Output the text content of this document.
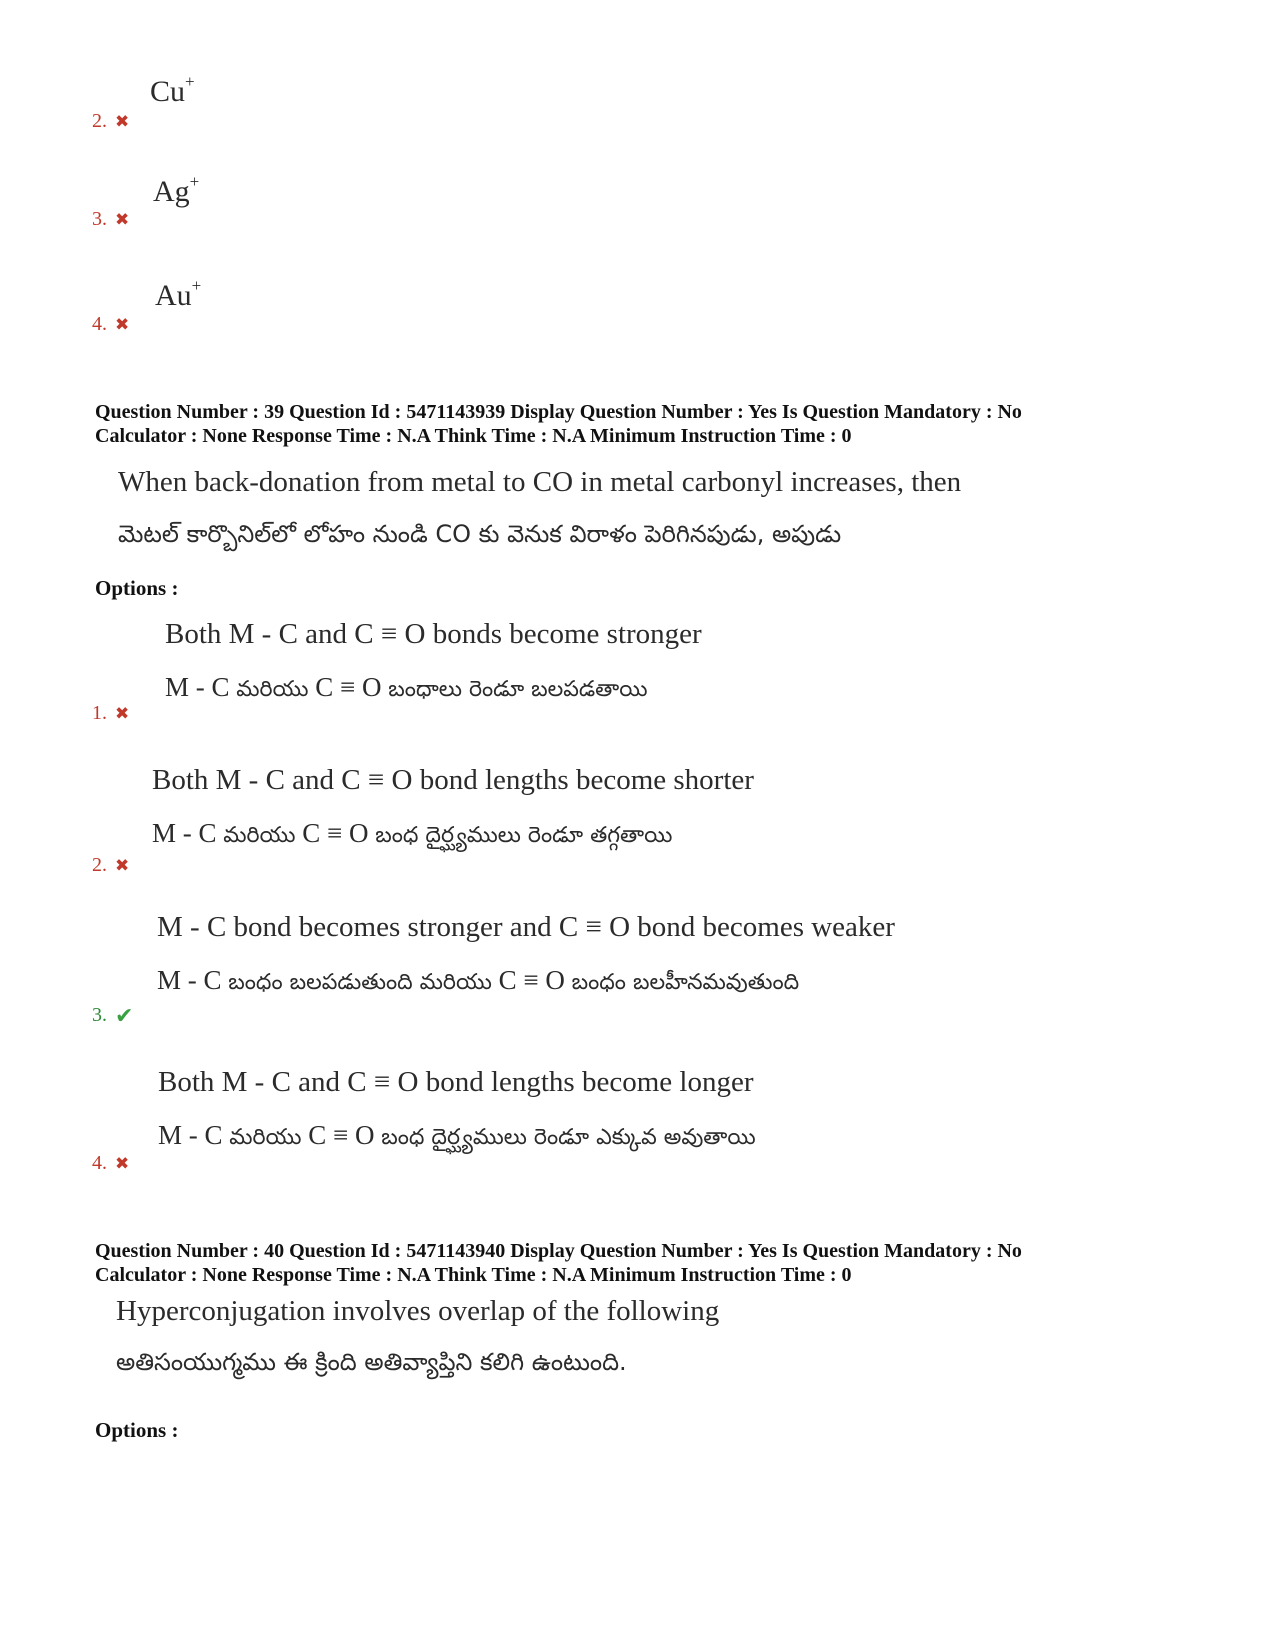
Cu+
2. ✖
Ag+
3. ✖
Au+
4. ✖
Question Number : 39 Question Id : 5471143939 Display Question Number : Yes Is Question Mandatory : No
Calculator : None Response Time : N.A Think Time : N.A Minimum Instruction Time : 0
When back-donation from metal to CO in metal carbonyl increases, then
మెటల్ కార్బొనిల్‌లో లోహం నుండి CO కు వెనుక విరాళం పెరిగినపుడు, అపుడు
Options :
Both M - C and C ≡ O bonds become stronger
M - C మరియు C ≡ O బంధాలు రెండూ బలపడతాయి
1. ✖
Both M - C and C ≡ O bond lengths become shorter
M - C మరియు C ≡ O బంధ దైర్ఘ్యములు రెండూ తగ్గతాయి
2. ✖
M - C bond becomes stronger and C ≡ O bond becomes weaker
M - C బంధం బలపడుతుంది మరియు C ≡ O బంధం బలహీనమవుతుంది
3. ✔
Both M - C and C ≡ O bond lengths become longer
M - C మరియు C ≡ O బంధ దైర్ఘ్యములు రెండూ ఎక్కువ అవుతాయి
4. ✖
Question Number : 40 Question Id : 5471143940 Display Question Number : Yes Is Question Mandatory : No
Calculator : None Response Time : N.A Think Time : N.A Minimum Instruction Time : 0
Hyperconjugation involves overlap of the following
అతిసంయుగ్మము ఈ క్రింది అతివ్యాప్తిని కలిగి ఉంటుంది.
Options :
